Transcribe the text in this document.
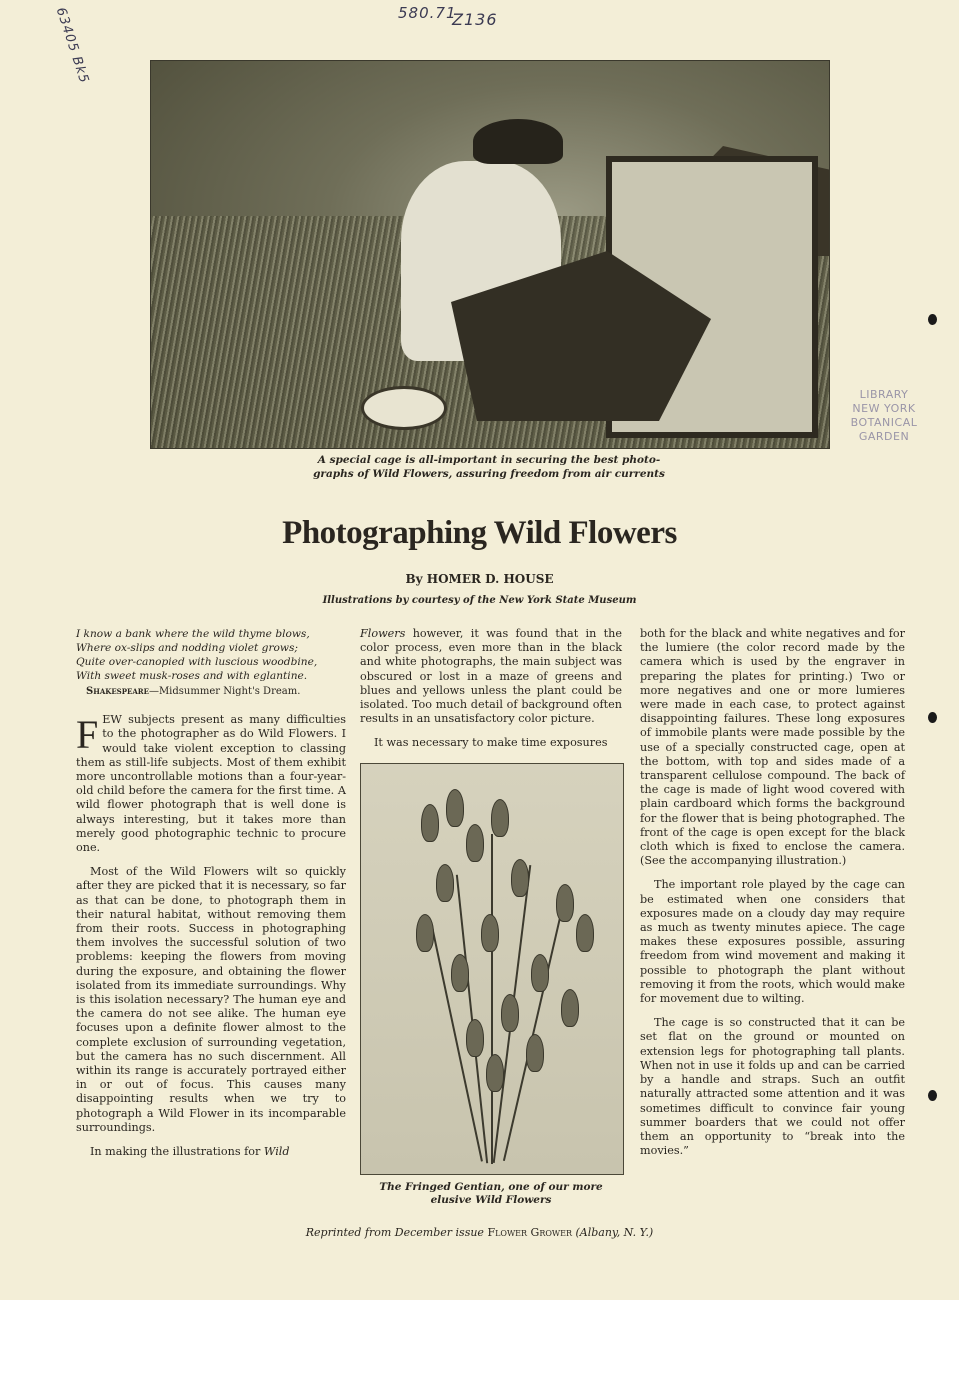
63405 Bk5	580.71
Z136
LIBRARY
NEW YORK
BOTANICAL
GARDEN
A special cage is all-important in securing the best photo-
graphs of Wild Flowers, assuring freedom from air currents
Photographing Wild Flowers
By HOMER D. HOUSE
Illustrations by courtesy of the New York State Museum
I know a bank where the wild thyme blows,
Where ox-slips and nodding violet grows;
Quite over-canopied with luscious woodbine,
With sweet musk-roses and with eglantine.
Shakespeare—Midsummer Night's Dream.

FEW subjects present as many difficulties to the photographer as do Wild Flowers. I would take violent exception to classing them as still-life subjects. Most of them exhibit more uncontrollable motions than a four-year-old child before the camera for the first time. A wild flower photograph that is well done is always interesting, but it takes more than merely good photographic technic to procure one.

Most of the Wild Flowers wilt so quickly after they are picked that it is necessary, so far as that can be done, to photograph them in their natural habitat, without removing them from their roots. Success in photographing them involves the successful solution of two problems: keeping the flowers from moving during the exposure, and obtaining the flower isolated from its immediate surroundings. Why is this isolation necessary? The human eye and the camera do not see alike. The human eye focuses upon a definite flower almost to the complete exclusion of surrounding vegetation, but the camera has no such discernment. All within its range is accurately portrayed either in or out of focus. This causes many disappointing results when we try to photograph a Wild Flower in its incomparable surroundings.

In making the illustrations for Wild

Flowers however, it was found that in the color process, even more than in the black and white photographs, the main subject was obscured or lost in a maze of greens and blues and yellows unless the plant could be isolated. Too much detail of background often results in an unsatisfactory color picture.

It was necessary to make time exposures

The Fringed Gentian, one of our more
elusive Wild Flowers

both for the black and white negatives and for the lumiere (the color record made by the camera which is used by the engraver in preparing the plates for printing.) Two or more negatives and one or more lumieres were made in each case, to protect against disappointing failures. These long exposures of immobile plants were made possible by the use of a specially constructed cage, open at the bottom, with top and sides made of a transparent cellulose compound. The back of the cage is made of light wood covered with plain cardboard which forms the background for the flower that is being photographed. The front of the cage is open except for the black cloth which is fixed to enclose the camera. (See the accompanying illustration.)

The important role played by the cage can be estimated when one considers that exposures made on a cloudy day may require as much as twenty minutes apiece. The cage makes these exposures possible, assuring freedom from wind movement and making it possible to photograph the plant without removing it from the roots, which would make for movement due to wilting.

The cage is so constructed that it can be set flat on the ground or mounted on extension legs for photographing tall plants. When not in use it folds up and can be carried by a handle and straps. Such an outfit naturally attracted some attention and it was sometimes difficult to convince fair young summer boarders that we could not offer them an opportunity to “break into the movies.”

Reprinted from December issue Flower Grower (Albany, N. Y.)
